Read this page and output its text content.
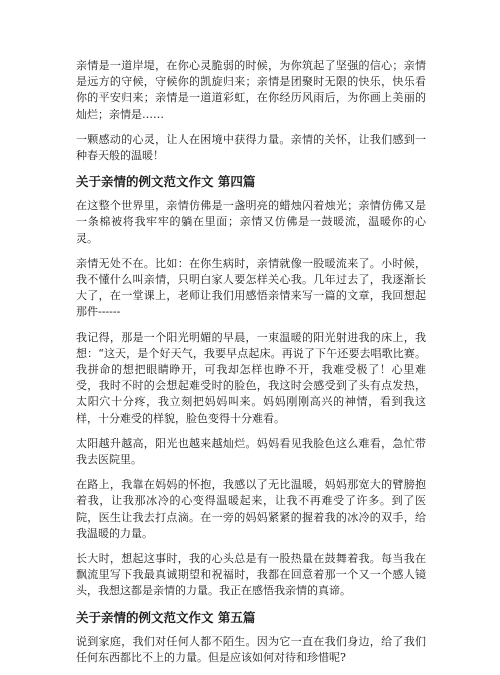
亲情是一道岸堤，在你心灵脆弱的时候，为你筑起了坚强的信心；亲情是远方的守候，守候你的凯旋归来；亲情是团聚时无限的快乐，快乐看你的平安归来；亲情是一道道彩虹，在你经历风雨后，为你画上美丽的灿烂；亲情是……

一颗感动的心灵，让人在困境中获得力量。亲情的关怀，让我们感到一种春天般的温暖！

关于亲情的例文范文作文 第四篇

在这整个世界里，亲情仿佛是一盏明亮的蜡烛闪着烛光；亲情仿佛又是一条棉被将我牢牢的躺在里面；亲情又仿佛是一鼓暖流，温暖你的心灵。

亲情无处不在。比如：在你生病时，亲情就像一股暖流来了。小时候，我不懂什么叫亲情，只明白家人要怎样关心我。几年过去了，我逐渐长大了，在一堂课上，老师让我们用感悟亲情来写一篇的文章，我回想起那件------

我记得，那是一个阳光明媚的早晨，一束温暖的阳光射进我的床上，我想：“这天，是个好天气，我要早点起床。再说了下午还要去唱歌比赛。我拼命的想把眼睛睁开，可我却怎样也睁不开，我难受极了！心里难受，我时不时的会想起难受时的脸色，我这时会感受到了头有点发热，太阳穴十分疼，我立刻把妈妈叫来。妈妈刚刚高兴的神情，看到我这样，十分难受的样貌，脸色变得十分难看。

太阳越升越高，阳光也越来越灿烂。妈妈看见我脸色这么难看，急忙带我去医院里。

在路上，我靠在妈妈的怀抱，我感以了无比温暖，妈妈那宽大的臂膀抱着我，让我那冰冷的心变得温暖起来，让我不再难受了许多。到了医院，医生让我去打点滴。在一旁的妈妈紧紧的握着我的冰冷的双手，给我温暖的力量。

长大时，想起这事时，我的心头总是有一股热量在鼓舞着我。每当我在飘流里写下我最真诚期望和祝福时，我都在回意着那一个又一个感人镜头，我想这都是亲情的力量。我正在感悟我亲情的真谛。

关于亲情的例文范文作文 第五篇

说到家庭，我们对任何人都不陌生。因为它一直在我们身边，给了我们任何东西都比不上的力量。但是应该如何对待和珍惜呢?
